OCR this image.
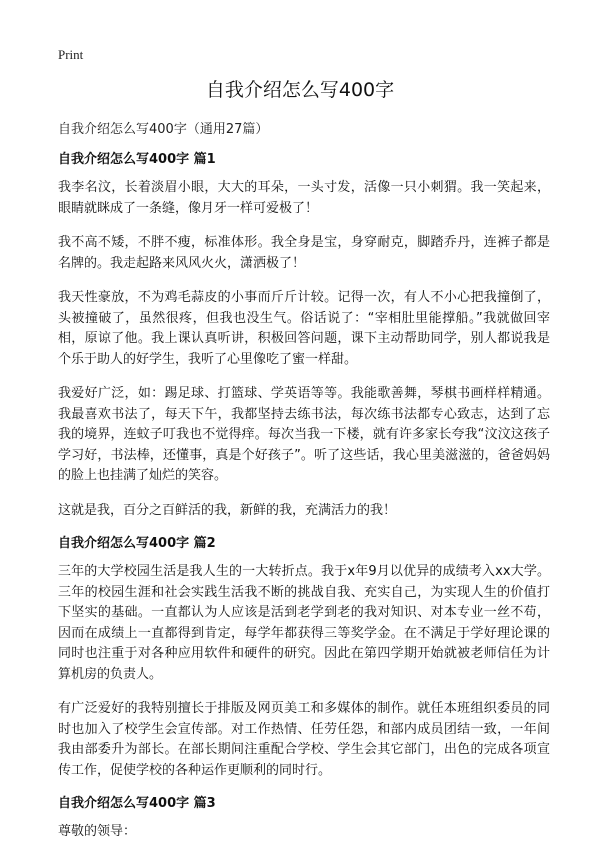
Print
自我介绍怎么写400字
自我介绍怎么写400字（通用27篇）
自我介绍怎么写400字 篇1

我李名汶，长着淡眉小眼，大大的耳朵，一头寸发，活像一只小刺猬。我一笑起来，眼睛就眯成了一条缝，像月牙一样可爱极了！

我不高不矮，不胖不瘦，标准体形。我全身是宝，身穿耐克，脚踏乔丹，连裤子都是名牌的。我走起路来风风火火，潇洒极了！

我天性豪放，不为鸡毛蒜皮的小事而斤斤计较。记得一次，有人不小心把我撞倒了，头被撞破了，虽然很疼，但我也没生气。俗话说了：“宰相肚里能撑船。”我就做回宰相，原谅了他。我上课认真听讲，积极回答问题，课下主动帮助同学，别人都说我是个乐于助人的好学生，我听了心里像吃了蜜一样甜。

我爱好广泛，如：踢足球、打篮球、学英语等等。我能歌善舞，琴棋书画样样精通。我最喜欢书法了，每天下午，我都坚持去练书法，每次练书法都专心致志，达到了忘我的境界，连蚊子叮我也不觉得痒。每次当我一下楼，就有许多家长夸我“汶汶这孩子学习好，书法棒，还懂事，真是个好孩子”。听了这些话，我心里美滋滋的，爸爸妈妈的脸上也挂满了灿烂的笑容。

这就是我，百分之百鲜活的我，新鲜的我，充满活力的我！

自我介绍怎么写400字 篇2

三年的大学校园生活是我人生的一大转折点。我于x年9月以优异的成绩考入xx大学。三年的校园生涯和社会实践生活我不断的挑战自我、充实自己，为实现人生的价值打下坚实的基础。一直都认为人应该是活到老学到老的我对知识、对本专业一丝不苟，因而在成绩上一直都得到肯定，每学年都获得三等奖学金。在不满足于学好理论课的同时也注重于对各种应用软件和硬件的研究。因此在第四学期开始就被老师信任为计算机房的负责人。

有广泛爱好的我特别擅长于排版及网页美工和多媒体的制作。就任本班组织委员的同时也加入了校学生会宣传部。对工作热情、任劳任怨，和部内成员团结一致，一年间我由部委升为部长。在部长期间注重配合学校、学生会其它部门，出色的完成各项宣传工作，促使学校的各种运作更顺利的同时行。

自我介绍怎么写400字 篇3

尊敬的领导：
